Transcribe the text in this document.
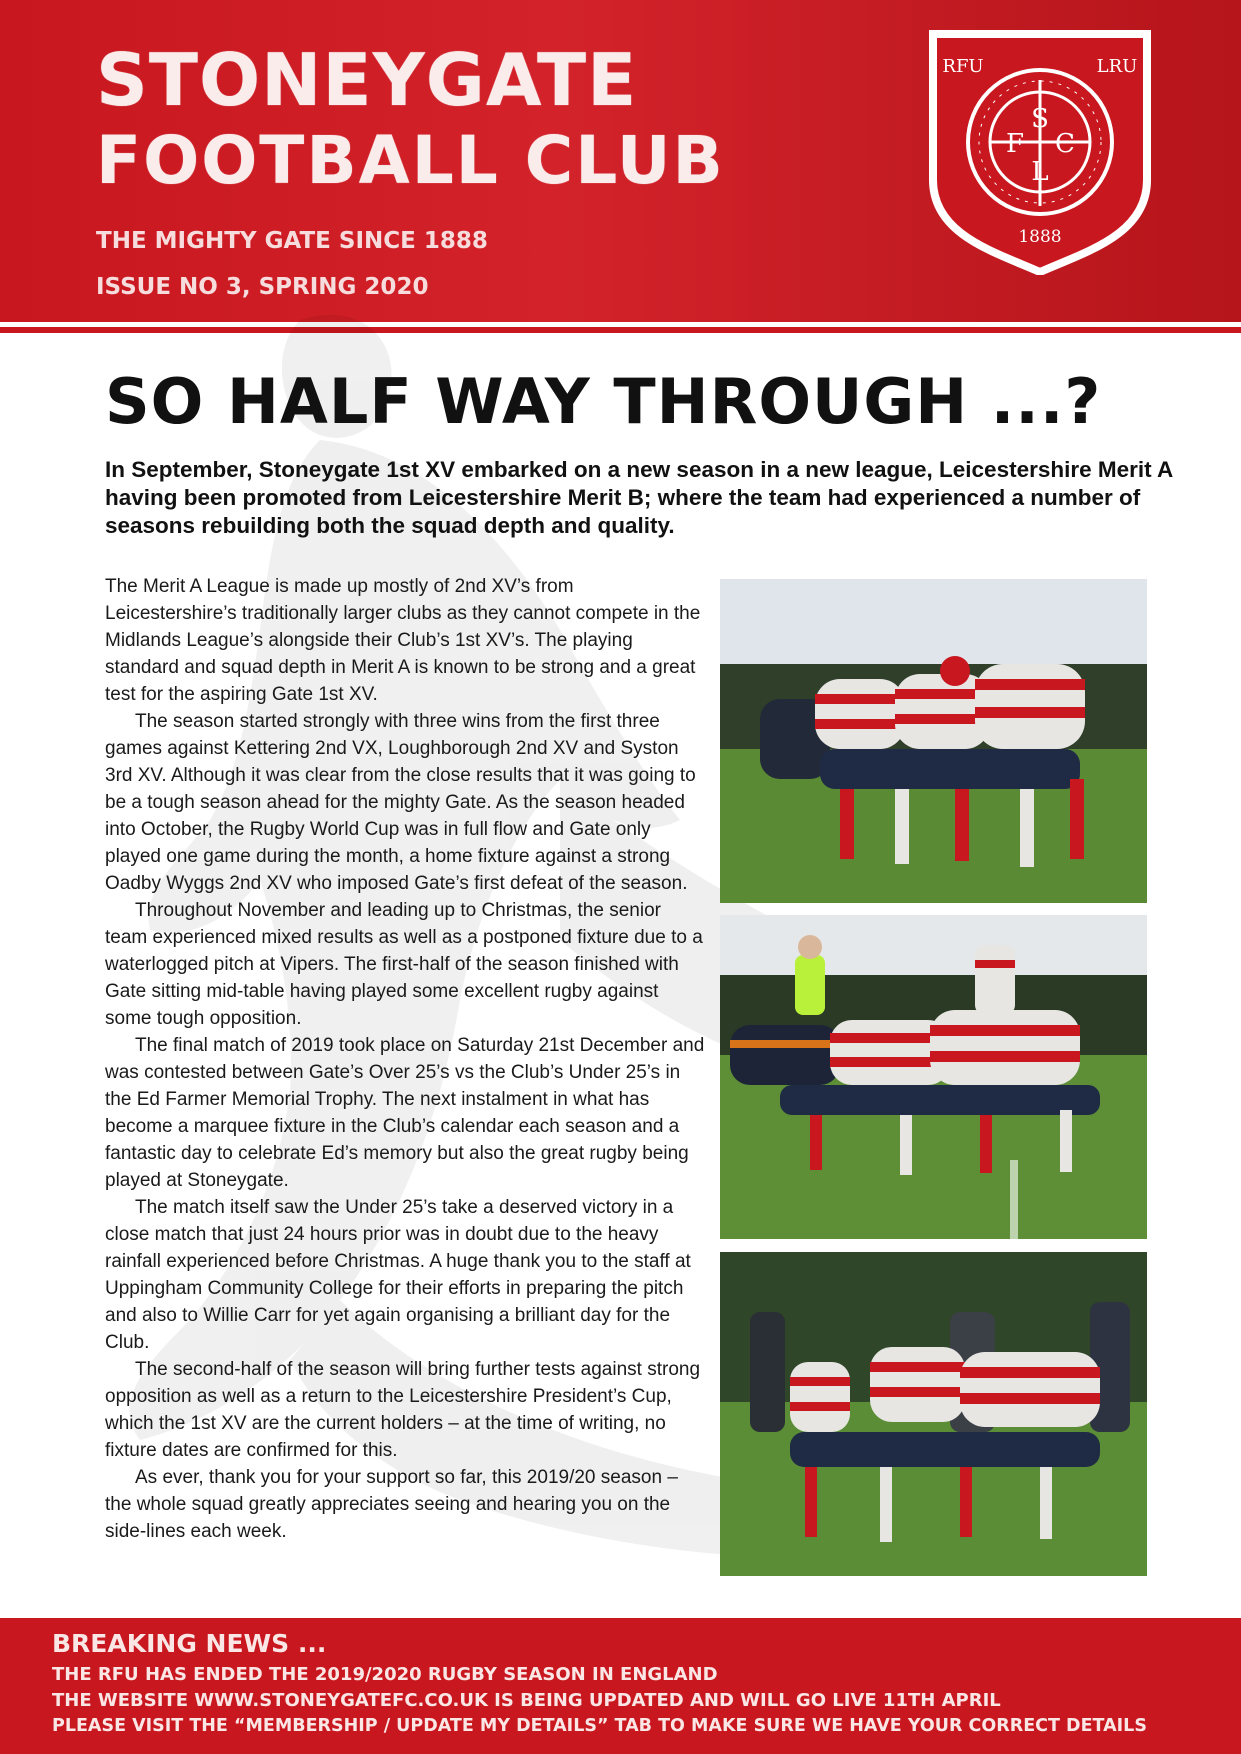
STONEYGATE
FOOTBALL CLUB
THE MIGHTY GATE SINCE 1888
ISSUE NO 3, SPRING 2020
RFU	LRU
S
F C
L
1888
SO HALF WAY THROUGH ...?
In September, Stoneygate 1st XV embarked on a new season in a new league, Leicestershire Merit A having been promoted from Leicestershire Merit B; where the team had experienced a number of seasons rebuilding both the squad depth and quality.

The Merit A League is made up mostly of 2nd XV’s from Leicestershire’s traditionally larger clubs as they cannot compete in the Midlands League’s alongside their Club’s 1st XV’s. The playing standard and squad depth in Merit A is known to be strong and a great test for the aspiring Gate 1st XV.

The season started strongly with three wins from the first three games against Kettering 2nd VX, Loughborough 2nd XV and Syston 3rd XV. Although it was clear from the close results that it was going to be a tough season ahead for the mighty Gate. As the season headed into October, the Rugby World Cup was in full flow and Gate only played one game during the month, a home fixture against a strong Oadby Wyggs 2nd XV who imposed Gate’s first defeat of the season.

Throughout November and leading up to Christmas, the senior team experienced mixed results as well as a postponed fixture due to a waterlogged pitch at Vipers. The first-half of the season finished with Gate sitting mid-table having played some excellent rugby against some tough opposition.

The final match of 2019 took place on Saturday 21st December and was contested between Gate’s Over 25’s vs the Club’s Under 25’s in the Ed Farmer Memorial Trophy. The next instalment in what has become a marquee fixture in the Club’s calendar each season and a fantastic day to celebrate Ed’s memory but also the great rugby being played at Stoneygate.

The match itself saw the Under 25’s take a deserved victory in a close match that just 24 hours prior was in doubt due to the heavy rainfall experienced before Christmas. A huge thank you to the staff at Uppingham Community College for their efforts in preparing the pitch and also to Willie Carr for yet again organising a brilliant day for the Club.

The second-half of the season will bring further tests against strong opposition as well as a return to the Leicestershire President’s Cup, which the 1st XV are the current holders – at the time of writing, no fixture dates are confirmed for this.

As ever, thank you for your support so far, this 2019/20 season – the whole squad greatly appreciates seeing and hearing you on the side-lines each week.

BREAKING NEWS ...
THE RFU HAS ENDED THE 2019/2020 RUGBY SEASON IN ENGLAND
THE WEBSITE WWW.STONEYGATEFC.CO.UK IS BEING UPDATED AND WILL GO LIVE 11TH APRIL
PLEASE VISIT THE “MEMBERSHIP / UPDATE MY DETAILS” TAB TO MAKE SURE WE HAVE YOUR CORRECT DETAILS
